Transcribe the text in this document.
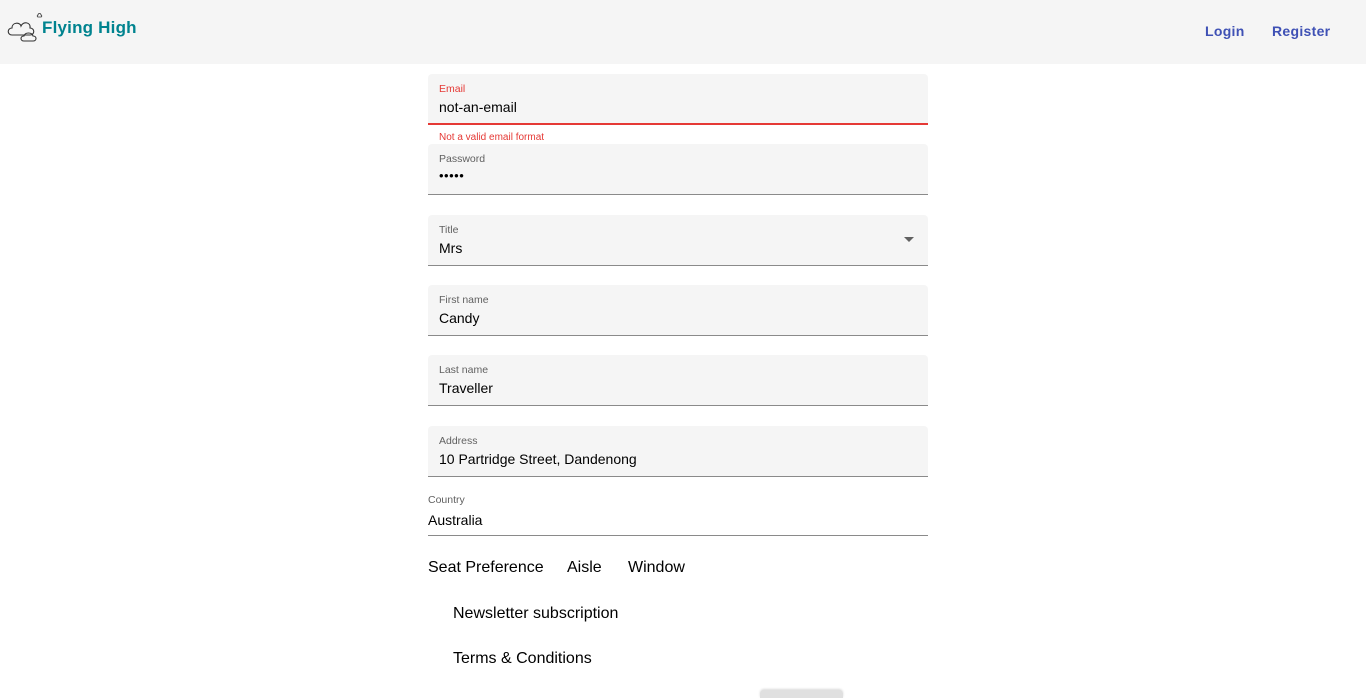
Flying High	Login Register
Email
not-an-email
Not a valid email format
Password
•••••
Title
Mrs
First name
Candy
Last name
Traveller
Address
10 Partridge Street, Dandenong
Country
Australia
Seat Preference Aisle Window
Newsletter subscription
Terms & Conditions
